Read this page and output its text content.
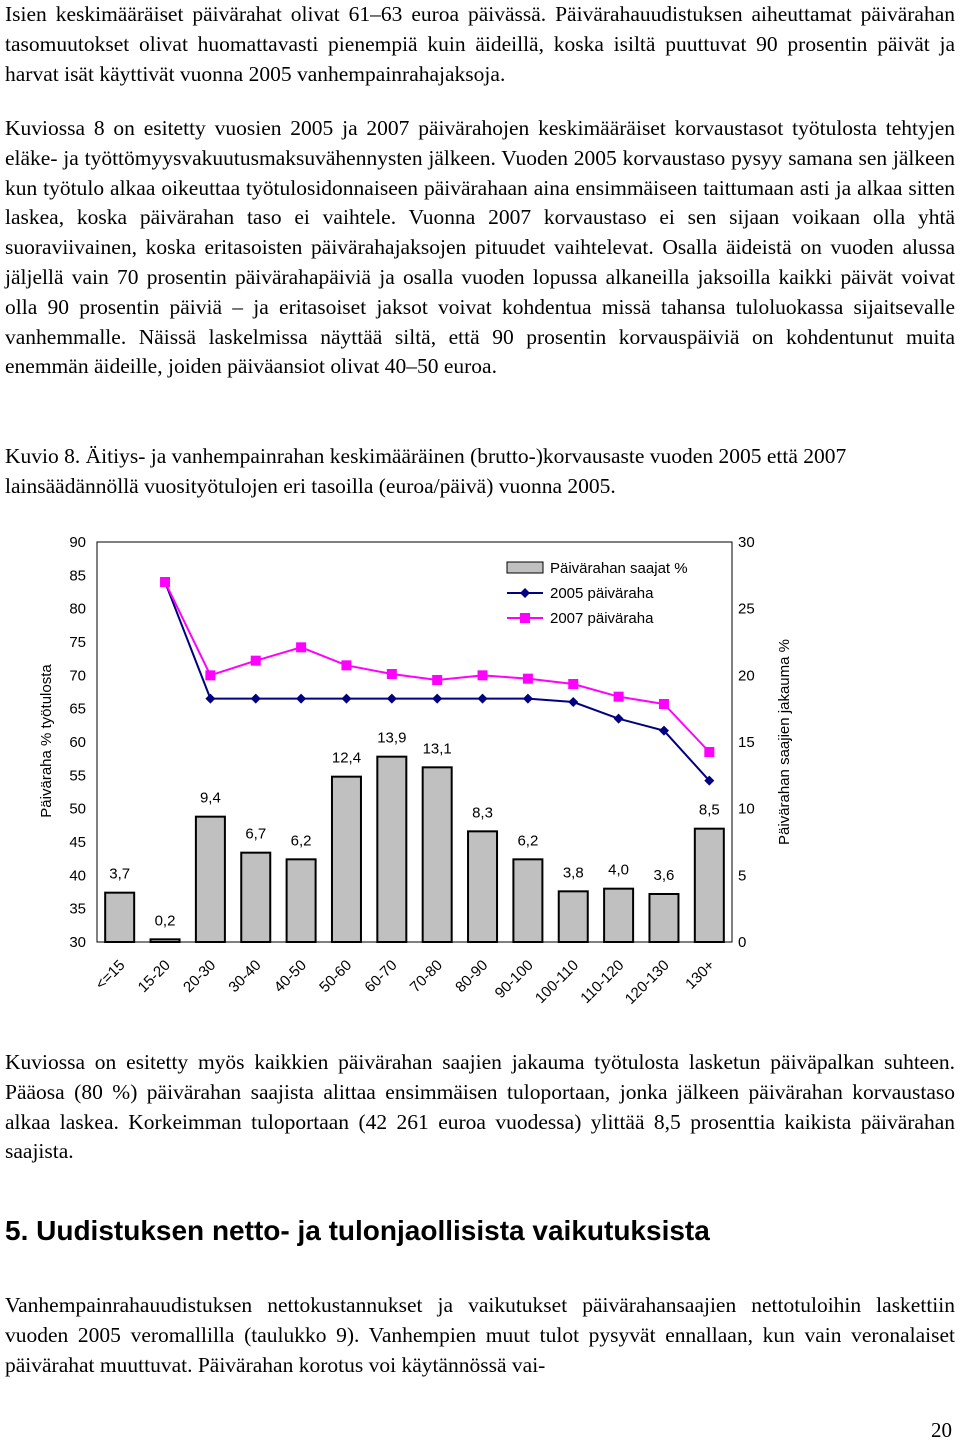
Isien keskimääräiset päivärahat olivat 61–63 euroa päivässä. Päivärahauudistuksen aiheuttamat päivärahan tasomuutokset olivat huomattavasti pienempiä kuin äideillä, koska isiltä puuttuvat 90 prosentin päivät ja harvat isät käyttivät vuonna 2005 vanhempainrahajaksoja.

Kuviossa 8 on esitetty vuosien 2005 ja 2007 päivärahojen keskimääräiset korvaustasot työtulosta tehtyjen eläke- ja työttömyysvakuutusmaksuvähennysten jälkeen. Vuoden 2005 korvaustaso pysyy samana sen jälkeen kun työtulo alkaa oikeuttaa työtulosidonnaiseen päivärahaan aina ensimmäiseen taittumaan asti ja alkaa sitten laskea, koska päivärahan taso ei vaihtele. Vuonna 2007 korvaustaso ei sen sijaan voikaan olla yhtä suoraviivainen, koska eritasoisten päivärahajaksojen pituudet vaihtelevat. Osalla äideistä on vuoden alussa jäljellä vain 70 prosentin päivärahapäiviä ja osalla vuoden lopussa alkaneilla jaksoilla kaikki päivät voivat olla 90 prosentin päiviä – ja eritasoiset jaksot voivat kohdentua missä tahansa tuloluokassa sijaitsevalle vanhemmalle. Näissä laskelmissa näyttää siltä, että 90 prosentin korvauspäiviä on kohdentunut muita enemmän äideille, joiden päiväansiot olivat 40–50 euroa.

Kuvio 8. Äitiys- ja vanhempainrahan keskimääräinen (brutto-)korvausaste vuoden 2005 että 2007 lainsäädännöllä vuosityötulojen eri tasoilla (euroa/päivä) vuonna 2005.

90
85
80
75
70
65
60
55
50
45
40
35
30
30
25
20
15
10
5
0
Päiväraha % työtulosta	Päivärahan saajien jakauma %
3,7
0,2
9,4
6,7 6,2
12,4
13,9
13,1
8,3
6,2
3,8 4,0 3,6
8,5
<=15 15-20 20-30 30-40 40-50 50-60 60-70 70-80 80-90 90-100
100-110
110-120
120-130 130+
Päivärahan saajat %
2005 päiväraha
2007 päiväraha

Kuviossa on esitetty myös kaikkien päivärahan saajien jakauma työtulosta lasketun päiväpalkan suhteen. Pääosa (80 %) päivärahan saajista alittaa ensimmäisen tuloportaan, jonka jälkeen päivärahan korvaustaso alkaa laskea. Korkeimman tuloportaan (42 261 euroa vuodessa) ylittää 8,5 prosenttia kaikista päivärahan saajista.

5. Uudistuksen netto- ja tulonjaollisista vaikutuksista

Vanhempainrahauudistuksen nettokustannukset ja vaikutukset päivärahansaajien nettotuloihin laskettiin vuoden 2005 veromallilla (taulukko 9). Vanhempien muut tulot pysyvät ennallaan, kun vain veronalaiset päivärahat muuttuvat. Päivärahan korotus voi käytännössä vai-

20
